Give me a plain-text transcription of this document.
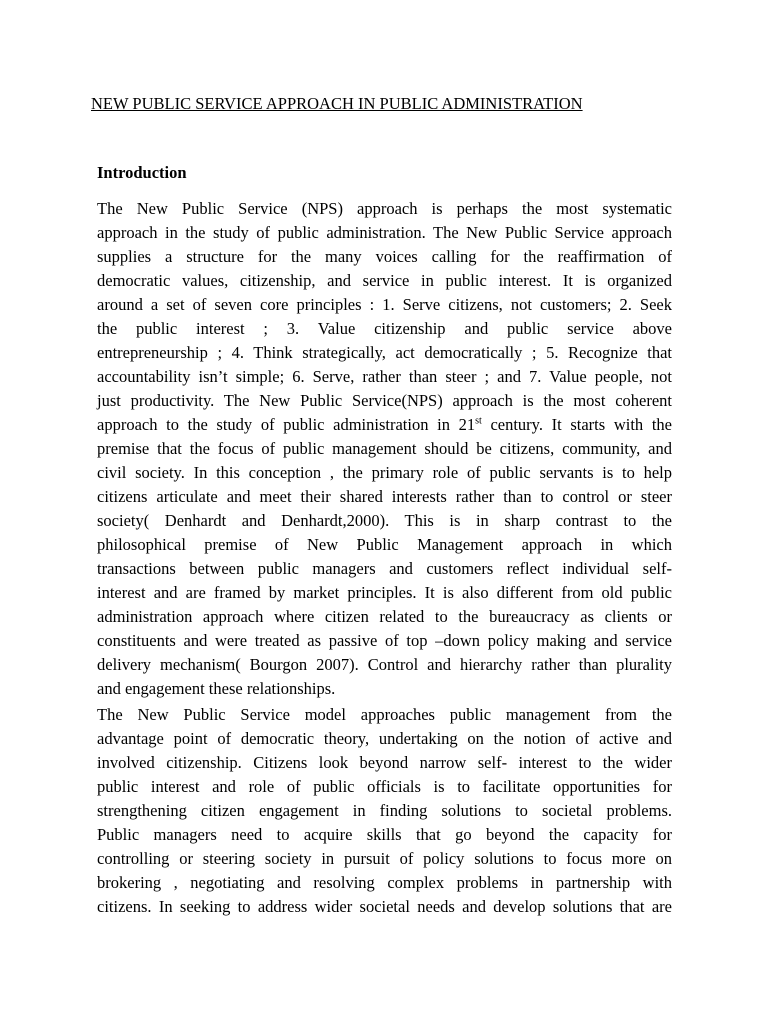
NEW PUBLIC SERVICE APPROACH IN PUBLIC ADMINISTRATION
Introduction
The New Public Service (NPS) approach is perhaps the most systematic
approach in the study of public administration. The New Public Service approach
supplies a structure for the many voices calling for the reaffirmation of
democratic values, citizenship, and service in public interest. It is organized
around a set of seven core principles : 1. Serve citizens, not customers; 2. Seek
the public interest ; 3. Value citizenship and public service above
entrepreneurship ; 4. Think strategically, act democratically ; 5. Recognize that
accountability isn’t simple; 6. Serve, rather than steer ; and 7. Value people, not
just productivity. The New Public Service(NPS) approach is the most coherent
approach to the study of public administration in 21st century. It starts with the
premise that the focus of public management should be citizens, community, and
civil society. In this conception , the primary role of public servants is to help
citizens articulate and meet their shared interests rather than to control or steer
society( Denhardt and Denhardt,2000). This is in sharp contrast to the
philosophical premise of New Public Management approach in which
transactions between public managers and customers reflect individual self-
interest and are framed by market principles. It is also different from old public
administration approach where citizen related to the bureaucracy as clients or
constituents and were treated as passive of top –down policy making and service
delivery mechanism( Bourgon 2007). Control and hierarchy rather than plurality
and engagement these relationships.
The New Public Service model approaches public management from the
advantage point of democratic theory, undertaking on the notion of active and
involved citizenship. Citizens look beyond narrow self- interest to the wider
public interest and role of public officials is to facilitate opportunities for
strengthening citizen engagement in finding solutions to societal problems.
Public managers need to acquire skills that go beyond the capacity for
controlling or steering society in pursuit of policy solutions to focus more on
brokering , negotiating and resolving complex problems in partnership with
citizens. In seeking to address wider societal needs and develop solutions that are
